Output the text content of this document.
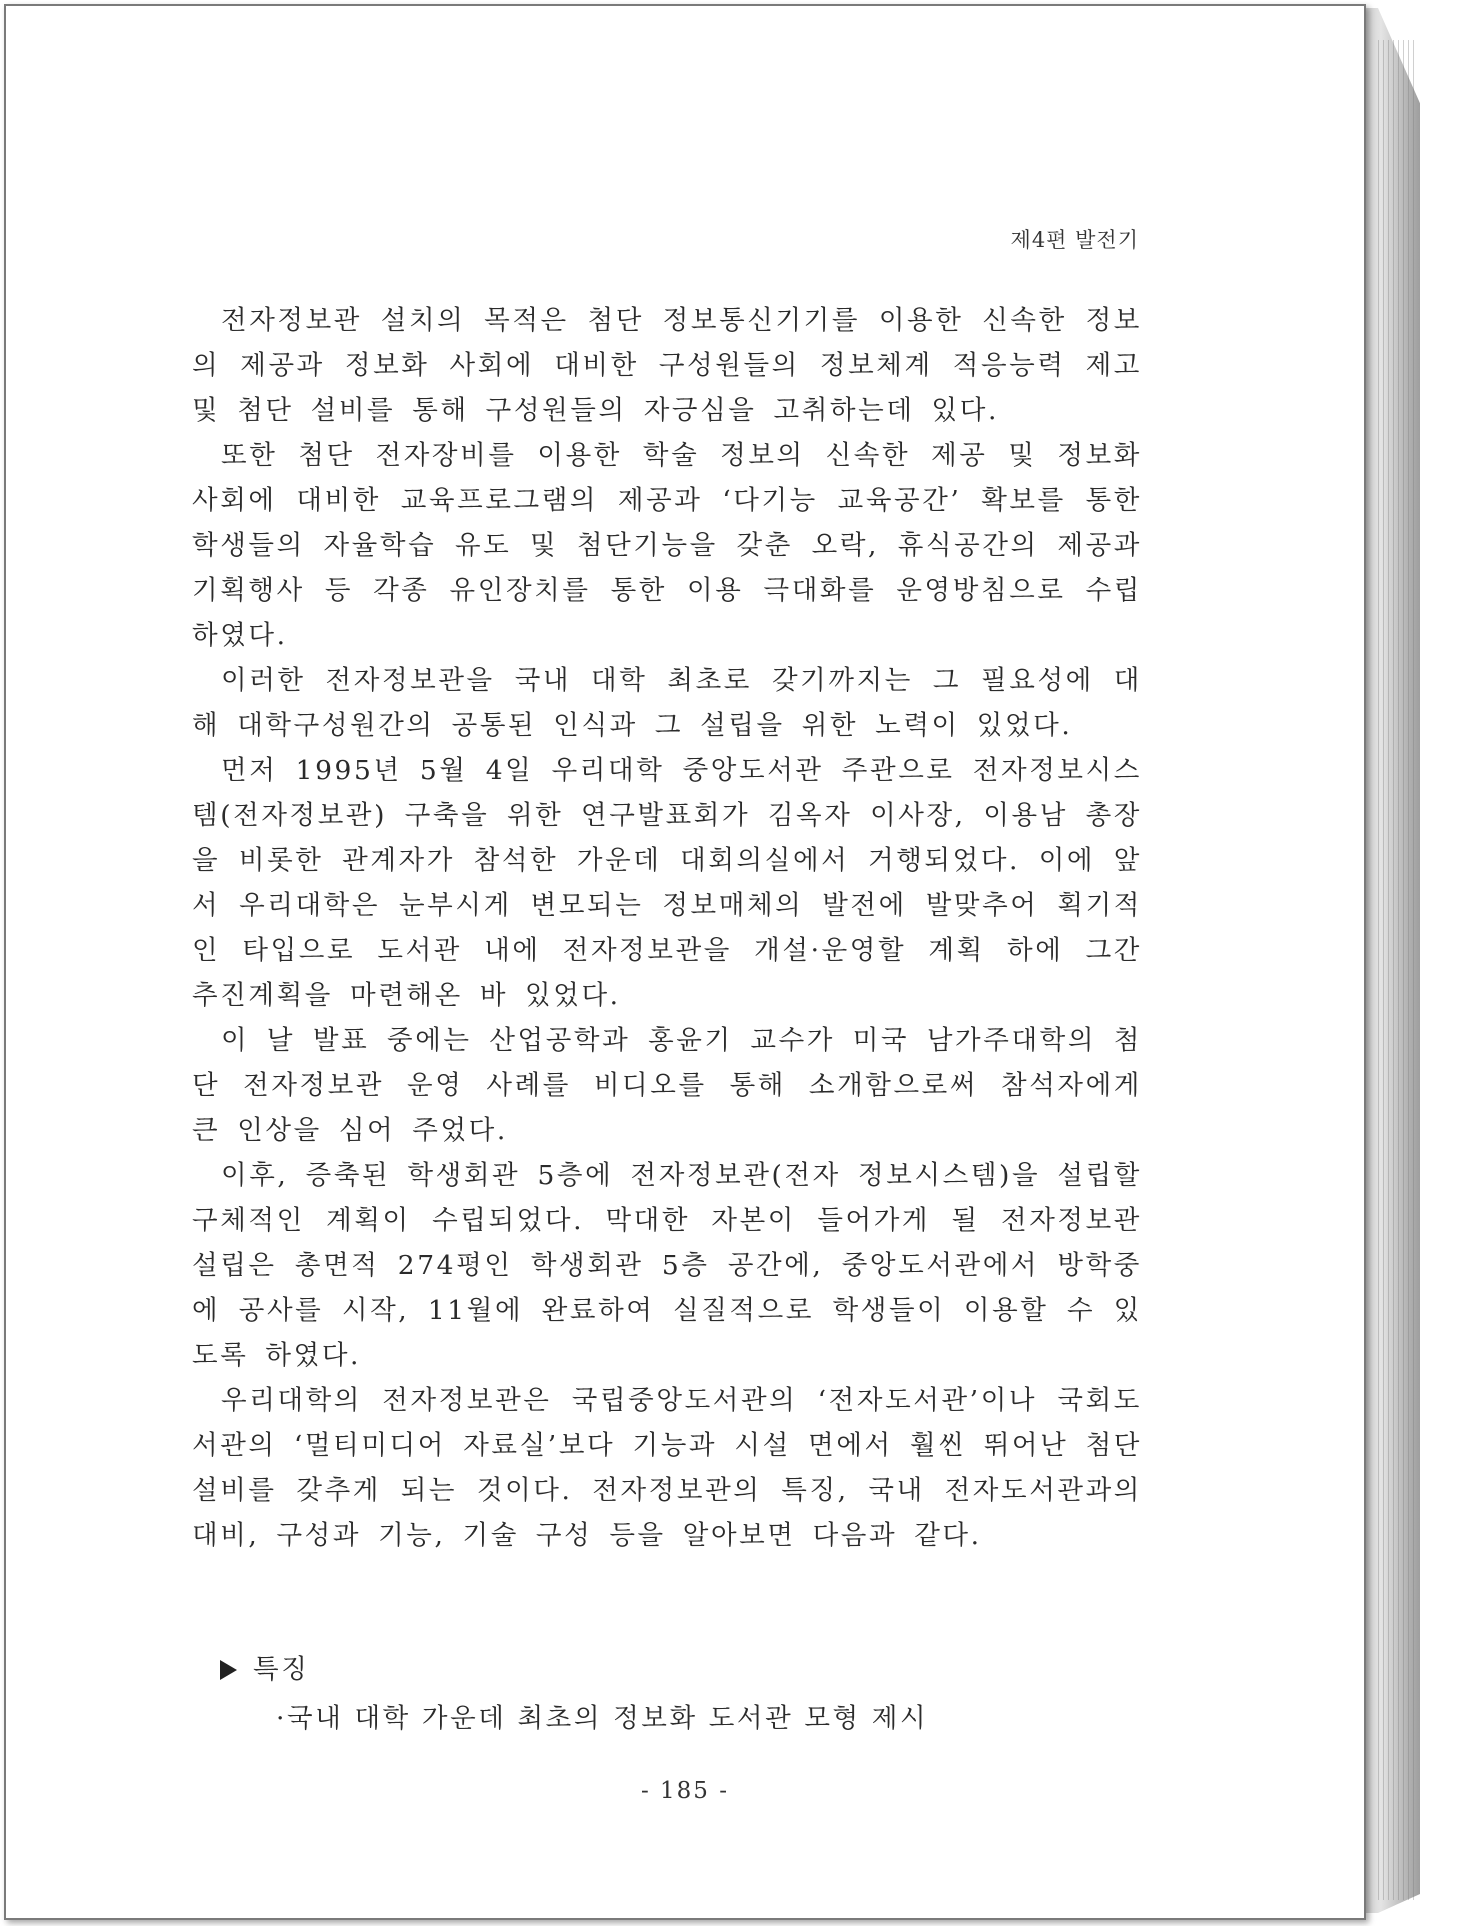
제4편 발전기

전자정보관 설치의 목적은 첨단 정보통신기기를 이용한 신속한 정보의 제공과 정보화 사회에 대비한 구성원들의 정보체계 적응능력 제고 및 첨단 설비를 통해 구성원들의 자긍심을 고취하는데 있다.

또한 첨단 전자장비를 이용한 학술 정보의 신속한 제공 및 정보화 사회에 대비한 교육프로그램의 제공과 ‘다기능 교육공간’ 확보를 통한 학생들의 자율학습 유도 및 첨단기능을 갖춘 오락, 휴식공간의 제공과 기획행사 등 각종 유인장치를 통한 이용 극대화를 운영방침으로 수립하였다.

이러한 전자정보관을 국내 대학 최초로 갖기까지는 그 필요성에 대해 대학구성원간의 공통된 인식과 그 설립을 위한 노력이 있었다.

먼저 1995년 5월 4일 우리대학 중앙도서관 주관으로 전자정보시스템(전자정보관) 구축을 위한 연구발표회가 김옥자 이사장, 이용남 총장을 비롯한 관계자가 참석한 가운데 대회의실에서 거행되었다. 이에 앞서 우리대학은 눈부시게 변모되는 정보매체의 발전에 발맞추어 획기적인 타입으로 도서관 내에 전자정보관을 개설·운영할 계획 하에 그간 추진계획을 마련해온 바 있었다.

이 날 발표 중에는 산업공학과 홍윤기 교수가 미국 남가주대학의 첨단 전자정보관 운영 사례를 비디오를 통해 소개함으로써 참석자에게 큰 인상을 심어 주었다.

이후, 증축된 학생회관 5층에 전자정보관(전자 정보시스템)을 설립할 구체적인 계획이 수립되었다. 막대한 자본이 들어가게 될 전자정보관 설립은 총면적 274평인 학생회관 5층 공간에, 중앙도서관에서 방학중에 공사를 시작, 11월에 완료하여 실질적으로 학생들이 이용할 수 있도록 하였다.

우리대학의 전자정보관은 국립중앙도서관의 ‘전자도서관’이나 국회도서관의 ‘멀티미디어 자료실’보다 기능과 시설 면에서 훨씬 뛰어난 첨단설비를 갖추게 되는 것이다. 전자정보관의 특징, 국내 전자도서관과의 대비, 구성과 기능, 기술 구성 등을 알아보면 다음과 같다.

특징
·국내 대학 가운데 최초의 정보화 도서관 모형 제시
- 185 -
